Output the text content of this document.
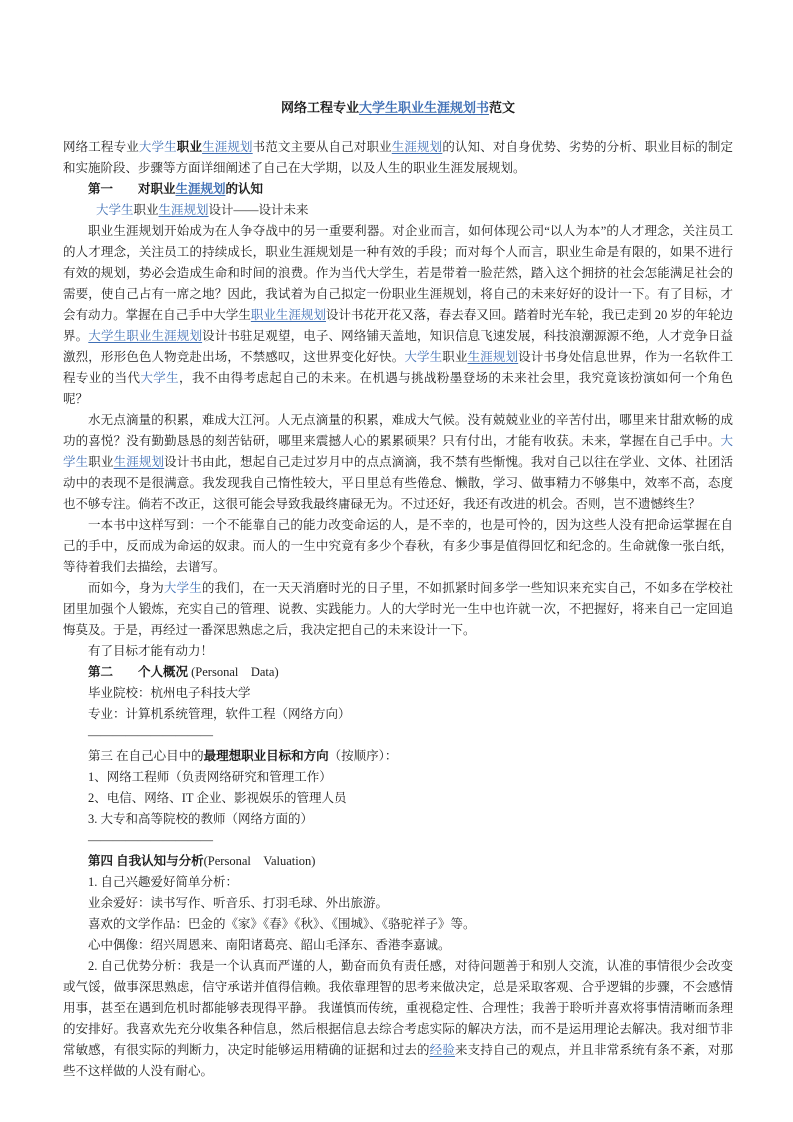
网络工程专业大学生职业生涯规划书范文

网络工程专业大学生职业生涯规划书范文主要从自己对职业生涯规划的认知、对自身优势、劣势的分析、职业目标的制定和实施阶段、步骤等方面详细阐述了自己在大学期，以及人生的职业生涯发展规划。

第一　　对职业生涯规划的认知

大学生职业生涯规划设计——设计未来

职业生涯规划开始成为在人争夺战中的另一重要利器。对企业而言，如何体现公司“以人为本”的人才理念，关注员工的人才理念，关注员工的持续成长，职业生涯规划是一种有效的手段；而对每个人而言，职业生命是有限的，如果不进行有效的规划，势必会造成生命和时间的浪费。作为当代大学生，若是带着一脸茫然，踏入这个拥挤的社会怎能满足社会的需要，使自己占有一席之地？因此，我试着为自己拟定一份职业生涯规划，将自己的未来好好的设计一下。有了目标，才会有动力。掌握在自己手中大学生职业生涯规划设计书花开花又落，春去春又回。踏着时光车轮，我已走到 20 岁的年轮边界。大学生职业生涯规划设计书驻足观望，电子、网络铺天盖地，知识信息飞速发展，科技浪潮源源不绝，人才竞争日益激烈，形形色色人物竞赴出场，不禁感叹，这世界变化好快。大学生职业生涯规划设计书身处信息世界，作为一名软件工程专业的当代大学生，我不由得考虑起自己的未来。在机遇与挑战粉墨登场的未来社会里，我究竟该扮演如何一个角色呢？

水无点滴量的积累，难成大江河。人无点滴量的积累，难成大气候。没有兢兢业业的辛苦付出，哪里来甘甜欢畅的成功的喜悦？没有勤勤恳恳的刻苦钻研，哪里来震撼人心的累累硕果？只有付出，才能有收获。未来，掌握在自己手中。大学生职业生涯规划设计书由此，想起自己走过岁月中的点点滴滴，我不禁有些惭愧。我对自己以往在学业、文体、社团活动中的表现不是很满意。我发现我自己惰性较大，平日里总有些倦怠、懒散，学习、做事精力不够集中，效率不高，态度也不够专注。倘若不改正，这很可能会导致我最终庸碌无为。不过还好，我还有改进的机会。否则，岂不遗憾终生？

一本书中这样写到：一个不能靠自己的能力改变命运的人，是不幸的，也是可怜的，因为这些人没有把命运掌握在自己的手中，反而成为命运的奴隶。而人的一生中究竟有多少个春秋，有多少事是值得回忆和纪念的。生命就像一张白纸，等待着我们去描绘，去谱写。

而如今，身为大学生的我们，在一天天消磨时光的日子里，不如抓紧时间多学一些知识来充实自己，不如多在学校社团里加强个人锻炼，充实自己的管理、说教、实践能力。人的大学时光一生中也许就一次，不把握好，将来自己一定回追悔莫及。于是，再经过一番深思熟虑之后，我决定把自己的未来设计一下。

有了目标才能有动力！

第二　　个人概况 (Personal　Data)

毕业院校：杭州电子科技大学

专业：计算机系统管理，软件工程（网络方向）

——————————

第三 在自己心目中的最理想职业目标和方向（按顺序）：

1、网络工程师（负责网络研究和管理工作）

2、电信、网络、IT 企业、影视娱乐的管理人员

3. 大专和高等院校的教师（网络方面的）

——————————

第四 自我认知与分析(Personal　Valuation)

1. 自己兴趣爱好简单分析：

业余爱好：读书写作、听音乐、打羽毛球、外出旅游。

喜欢的文学作品：巴金的《家》《春》《秋》、《围城》、《骆驼祥子》等。

心中偶像：绍兴周恩来、南阳诸葛亮、韶山毛泽东、香港李嘉诚。

2. 自己优势分析：我是一个认真而严谨的人，勤奋而负有责任感，对待问题善于和别人交流，认准的事情很少会改变或气馁，做事深思熟虑，信守承诺并值得信赖。我依靠理智的思考来做决定，总是采取客观、合乎逻辑的步骤，不会感情用事，甚至在遇到危机时都能够表现得平静。 我谨慎而传统，重视稳定性、合理性；我善于聆听并喜欢将事情清晰而条理的安排好。我喜欢先充分收集各种信息，然后根据信息去综合考虑实际的解决方法，而不是运用理论去解决。我对细节非常敏感，有很实际的判断力，决定时能够运用精确的证据和过去的经验来支持自己的观点，并且非常系统有条不紊，对那些不这样做的人没有耐心。
